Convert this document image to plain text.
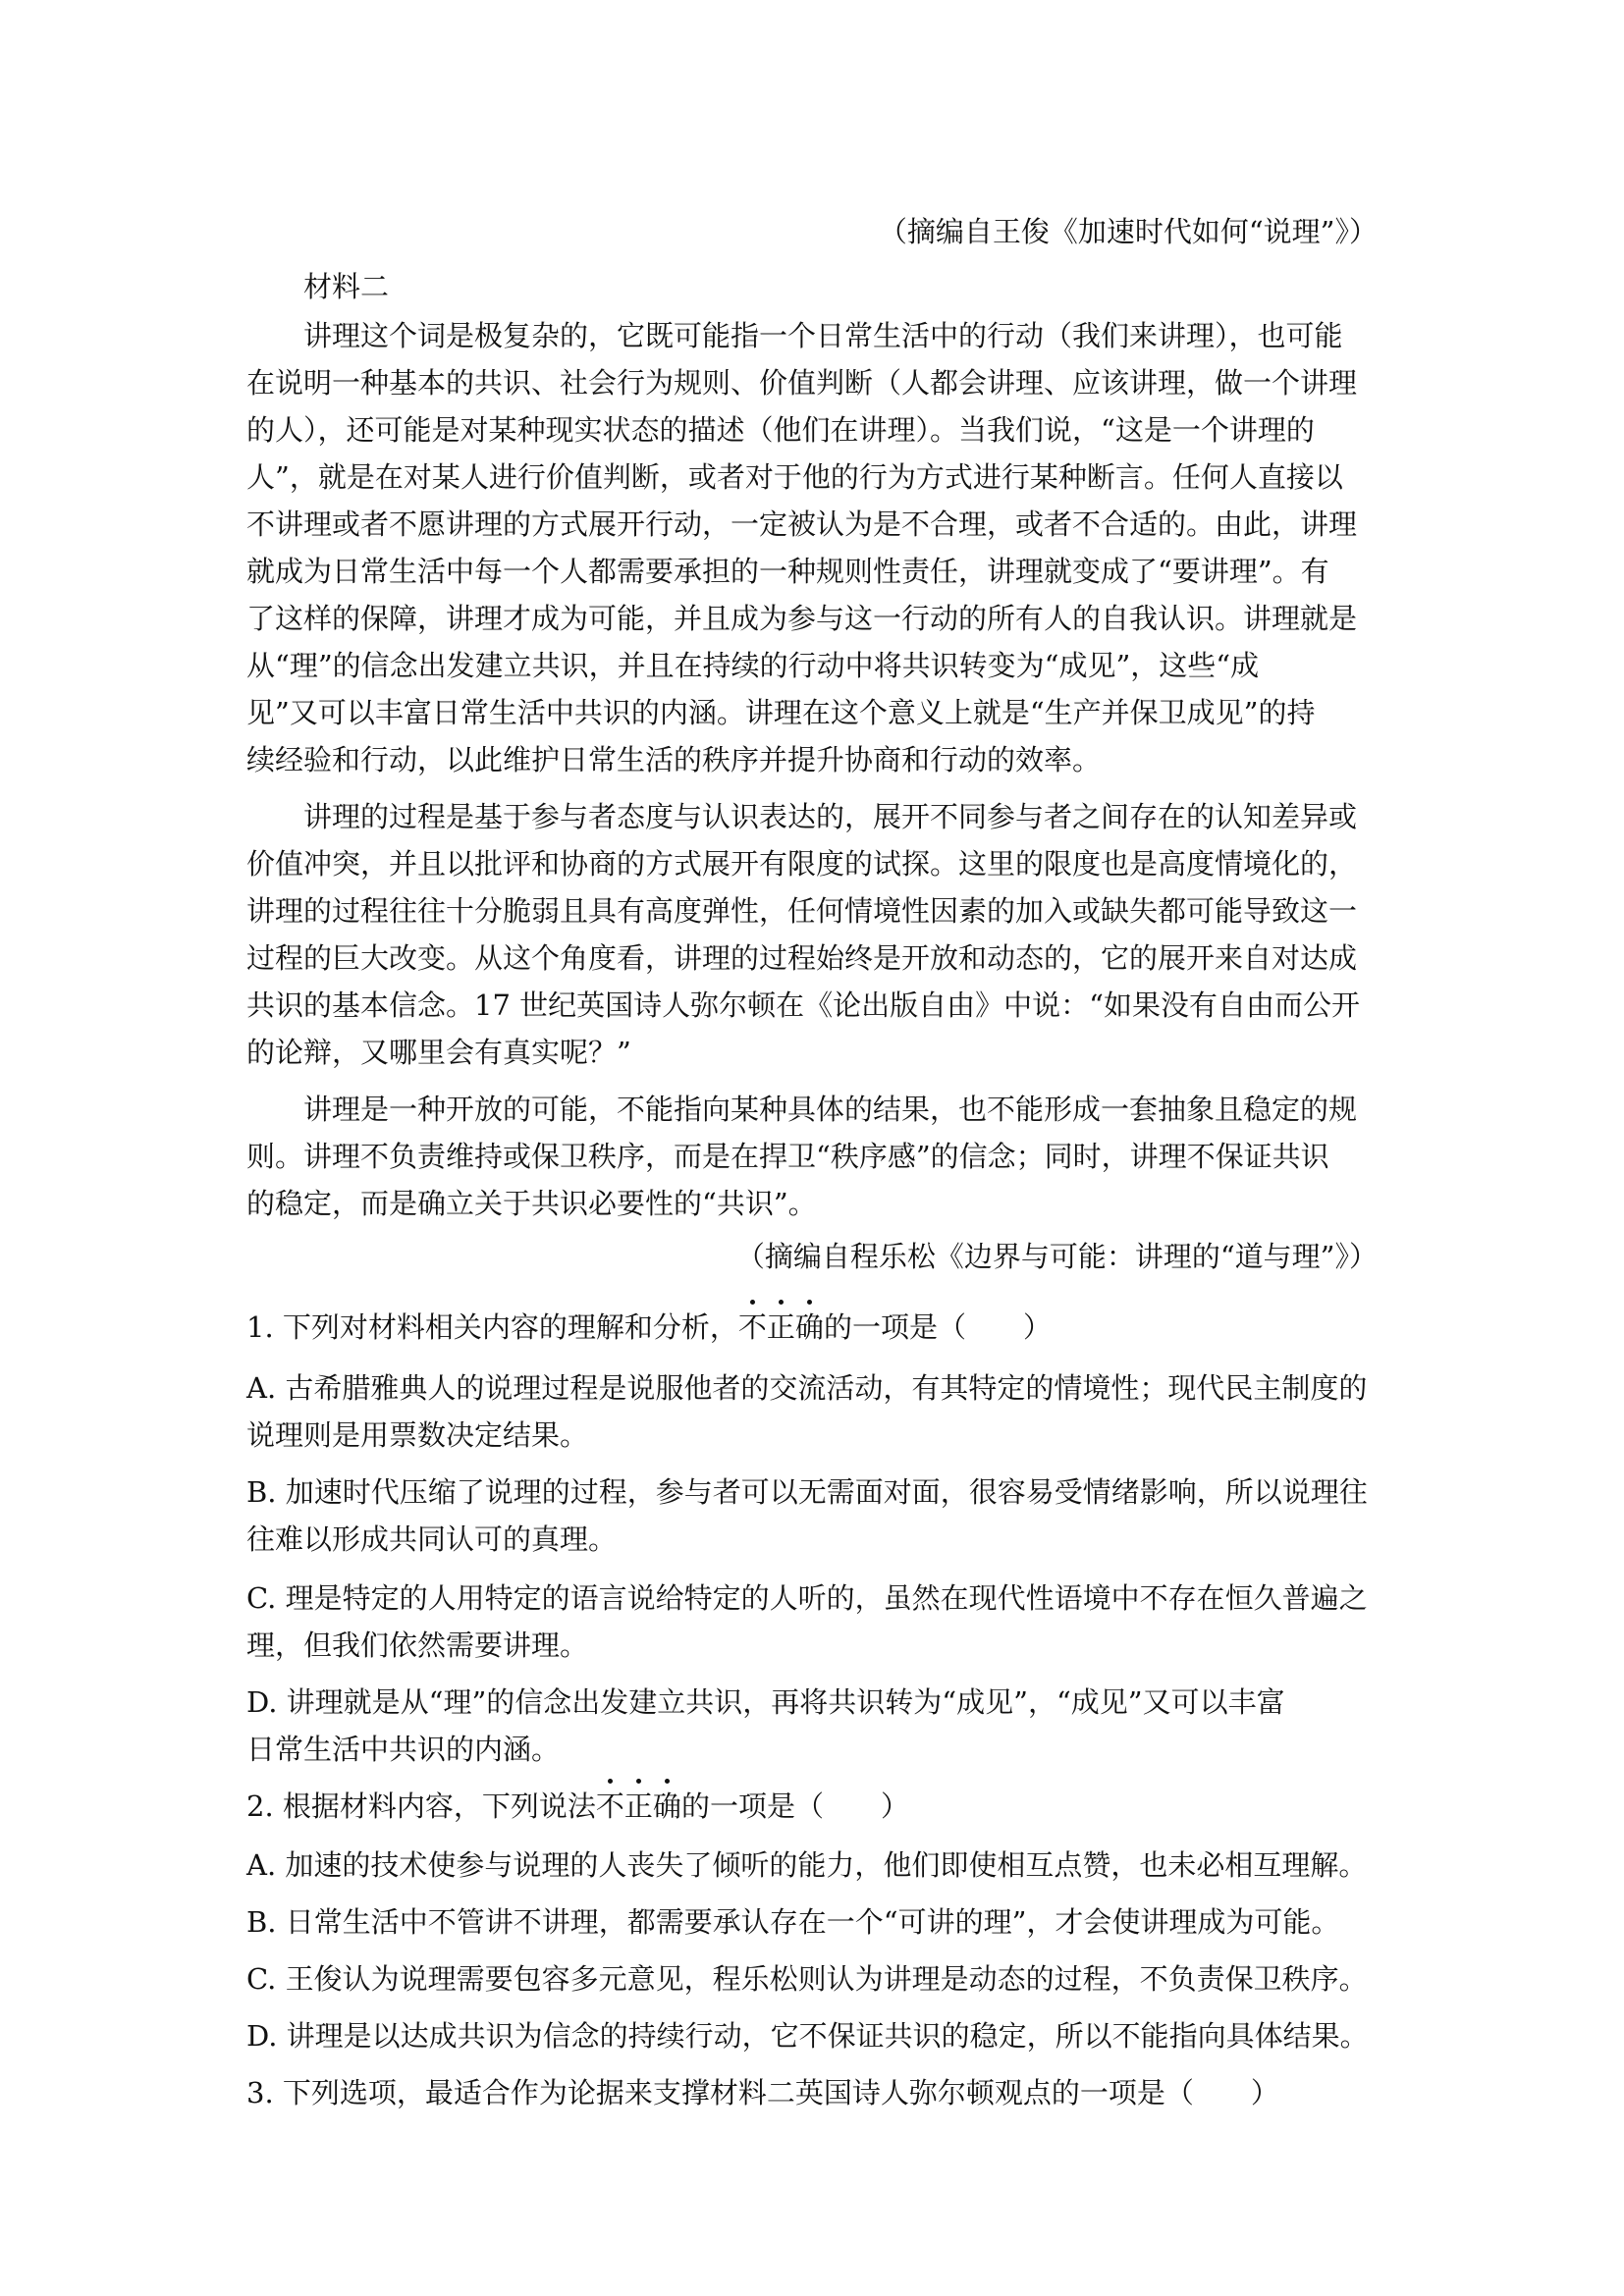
（摘编自王俊《加速时代如何“说理”》）
材料二
讲理这个词是极复杂的，它既可能指一个日常生活中的行动（我们来讲理），也可能
在说明一种基本的共识、社会行为规则、价值判断（人都会讲理、应该讲理，做一个讲理
的人），还可能是对某种现实状态的描述（他们在讲理）。当我们说，“这是一个讲理的
人”，就是在对某人进行价值判断，或者对于他的行为方式进行某种断言。任何人直接以
不讲理或者不愿讲理的方式展开行动，一定被认为是不合理，或者不合适的。由此，讲理
就成为日常生活中每一个人都需要承担的一种规则性责任，讲理就变成了“要讲理”。有
了这样的保障，讲理才成为可能，并且成为参与这一行动的所有人的自我认识。讲理就是
从“理”的信念出发建立共识，并且在持续的行动中将共识转变为“成见”，这些“成
见”又可以丰富日常生活中共识的内涵。讲理在这个意义上就是“生产并保卫成见”的持
续经验和行动，以此维护日常生活的秩序并提升协商和行动的效率。
讲理的过程是基于参与者态度与认识表达的，展开不同参与者之间存在的认知差异或
价值冲突，并且以批评和协商的方式展开有限度的试探。这里的限度也是高度情境化的，
讲理的过程往往十分脆弱且具有高度弹性，任何情境性因素的加入或缺失都可能导致这一
过程的巨大改变。从这个角度看，讲理的过程始终是开放和动态的，它的展开来自对达成
共识的基本信念。17 世纪英国诗人弥尔顿在《论出版自由》中说：“如果没有自由而公开
的论辩，又哪里会有真实呢？”
讲理是一种开放的可能，不能指向某种具体的结果，也不能形成一套抽象且稳定的规
则。讲理不负责维持或保卫秩序，而是在捍卫“秩序感”的信念；同时，讲理不保证共识
的稳定，而是确立关于共识必要性的“共识”。
（摘编自程乐松《边界与可能：讲理的“道与理”》）
1. 下列对材料相关内容的理解和分析，不正确的一项是（　　）
A. 古希腊雅典人的说理过程是说服他者的交流活动，有其特定的情境性；现代民主制度的
说理则是用票数决定结果。
B. 加速时代压缩了说理的过程，参与者可以无需面对面，很容易受情绪影响，所以说理往
往难以形成共同认可的真理。
C. 理是特定的人用特定的语言说给特定的人听的，虽然在现代性语境中不存在恒久普遍之
理，但我们依然需要讲理。
D. 讲理就是从“理”的信念出发建立共识，再将共识转为“成见”，“成见”又可以丰富
日常生活中共识的内涵。
2. 根据材料内容，下列说法不正确的一项是（　　）
A. 加速的技术使参与说理的人丧失了倾听的能力，他们即使相互点赞，也未必相互理解。
B. 日常生活中不管讲不讲理，都需要承认存在一个“可讲的理”，才会使讲理成为可能。
C. 王俊认为说理需要包容多元意见，程乐松则认为讲理是动态的过程，不负责保卫秩序。
D. 讲理是以达成共识为信念的持续行动，它不保证共识的稳定，所以不能指向具体结果。
3. 下列选项，最适合作为论据来支撑材料二英国诗人弥尔顿观点的一项是（　　）
